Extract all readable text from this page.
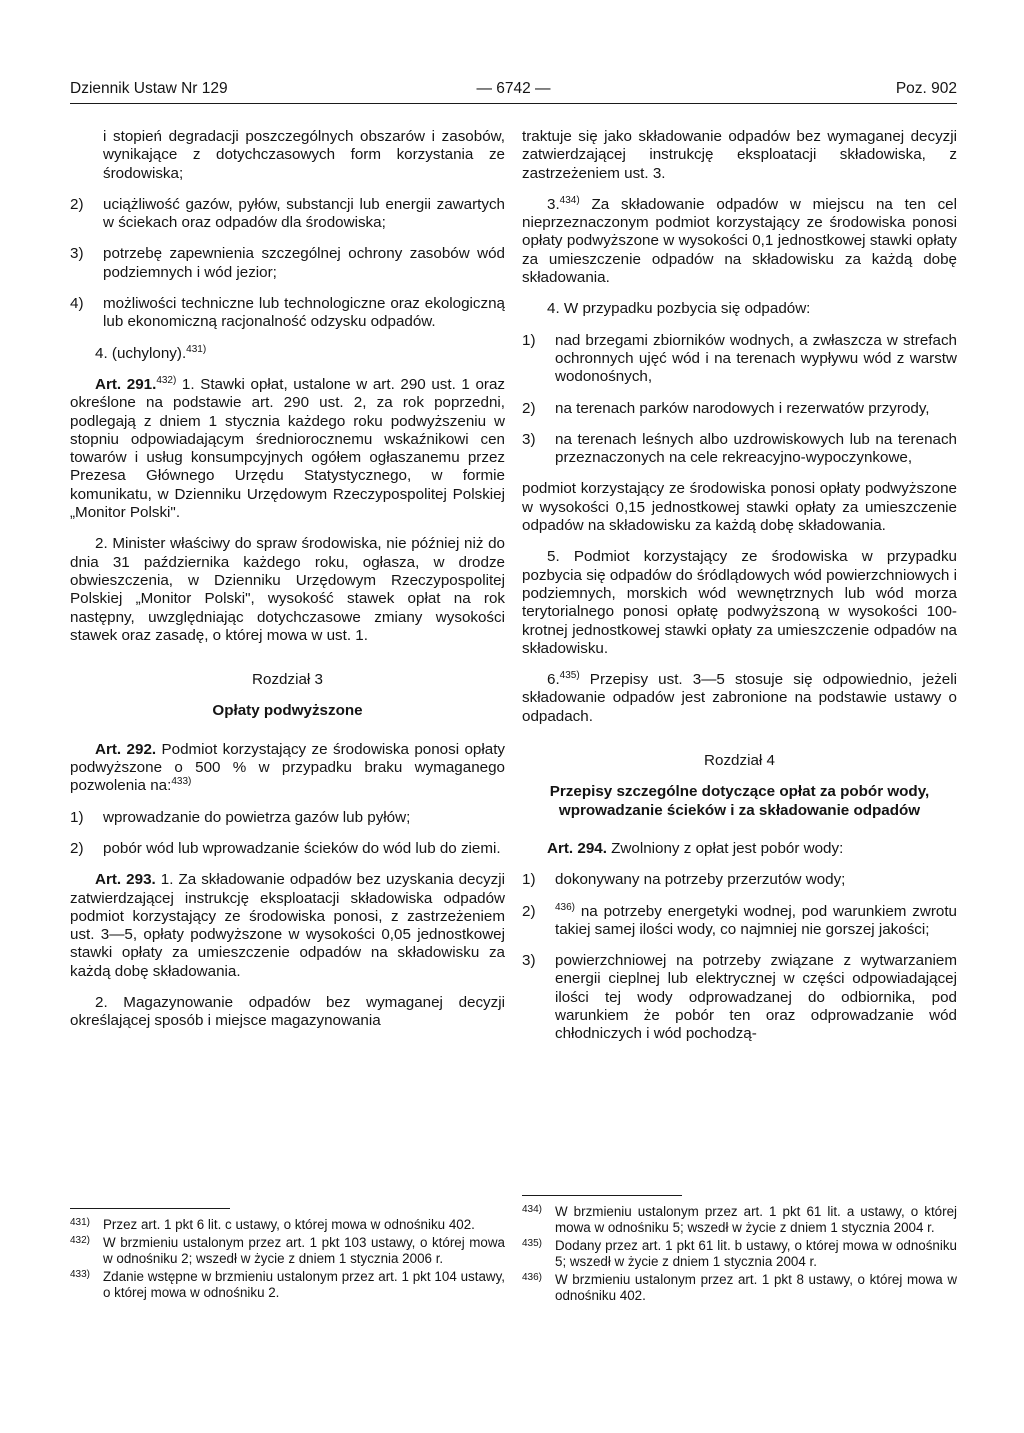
Dziennik Ustaw Nr 129	— 6742 —	Poz. 902

i stopień degradacji poszczególnych obszarów i zasobów, wynikające z dotychczasowych form korzystania ze środowiska;

2) uciążliwość gazów, pyłów, substancji lub energii zawartych w ściekach oraz odpadów dla środowiska;
3) potrzebę zapewnienia szczególnej ochrony zasobów wód podziemnych i wód jezior;
4) możliwości techniczne lub technologiczne oraz ekologiczną lub ekonomiczną racjonalność odzysku odpadów.

4. (uchylony).$^{431)}$

Art. 291.$^{432)}$ 1. Stawki opłat, ustalone w art. 290 ust. 1 oraz określone na podstawie art. 290 ust. 2, za rok poprzedni, podlegają z dniem 1 stycznia każdego roku podwyższeniu w stopniu odpowiadającym średniorocznemu wskaźnikowi cen towarów i usług konsumpcyjnych ogółem ogłaszanemu przez Prezesa Głównego Urzędu Statystycznego, w formie komunikatu, w Dzienniku Urzędowym Rzeczypospolitej Polskiej „Monitor Polski".

2. Minister właściwy do spraw środowiska, nie później niż do dnia 31 października każdego roku, ogłasza, w drodze obwieszczenia, w Dzienniku Urzędowym Rzeczypospolitej Polskiej „Monitor Polski", wysokość stawek opłat na rok następny, uwzględniając dotychczasowe zmiany wysokości stawek oraz zasadę, o której mowa w ust. 1.

Rozdział 3
Opłaty podwyższone

Art. 292. Podmiot korzystający ze środowiska ponosi opłaty podwyższone o 500 % w przypadku braku wymaganego pozwolenia na:$^{433)}$

1) wprowadzanie do powietrza gazów lub pyłów;
2) pobór wód lub wprowadzanie ścieków do wód lub do ziemi.

Art. 293. 1. Za składowanie odpadów bez uzyskania decyzji zatwierdzającej instrukcję eksploatacji składowiska odpadów podmiot korzystający ze środowiska ponosi, z zastrzeżeniem ust. 3—5, opłaty podwyższone w wysokości 0,05 jednostkowej stawki opłaty za umieszczenie odpadów na składowisku za każdą dobę składowania.

2. Magazynowanie odpadów bez wymaganej decyzji określającej sposób i miejsce magazynowania

traktuje się jako składowanie odpadów bez wymaganej decyzji zatwierdzającej instrukcję eksploatacji składowiska, z zastrzeżeniem ust. 3.

3.$^{434)}$ Za składowanie odpadów w miejscu na ten cel nieprzeznaczonym podmiot korzystający ze środowiska ponosi opłaty podwyższone w wysokości 0,1 jednostkowej stawki opłaty za umieszczenie odpadów na składowisku za każdą dobę składowania.

4. W przypadku pozbycia się odpadów:

1) nad brzegami zbiorników wodnych, a zwłaszcza w strefach ochronnych ujęć wód i na terenach wypływu wód z warstw wodonośnych,
2) na terenach parków narodowych i rezerwatów przyrody,
3) na terenach leśnych albo uzdrowiskowych lub na terenach przeznaczonych na cele rekreacyjno-wypoczynkowe,

podmiot korzystający ze środowiska ponosi opłaty podwyższone w wysokości 0,15 jednostkowej stawki opłaty za umieszczenie odpadów na składowisku za każdą dobę składowania.

5. Podmiot korzystający ze środowiska w przypadku pozbycia się odpadów do śródlądowych wód powierzchniowych i podziemnych, morskich wód wewnętrznych lub wód morza terytorialnego ponosi opłatę podwyższoną w wysokości 100-krotnej jednostkowej stawki opłaty za umieszczenie odpadów na składowisku.

6.$^{435)}$ Przepisy ust. 3—5 stosuje się odpowiednio, jeżeli składowanie odpadów jest zabronione na podstawie ustawy o odpadach.

Rozdział 4
Przepisy szczególne dotyczące opłat za pobór wody, wprowadzanie ścieków i za składowanie odpadów

Art. 294. Zwolniony z opłat jest pobór wody:

1) dokonywany na potrzeby przerzutów wody;
2) $^{436)}$ na potrzeby energetyki wodnej, pod warunkiem zwrotu takiej samej ilości wody, co najmniej nie gorszej jakości;
3) powierzchniowej na potrzeby związane z wytwarzaniem energii cieplnej lub elektrycznej w części odpowiadającej ilości tej wody odprowadzanej do odbiornika, pod warunkiem że pobór ten oraz odprowadzanie wód chłodniczych i wód pochodzą-
431) Przez art. 1 pkt 6 lit. c ustawy, o której mowa w odnośniku 402.
432) W brzmieniu ustalonym przez art. 1 pkt 103 ustawy, o której mowa w odnośniku 2; wszedł w życie z dniem 1 stycznia 2006 r.
433) Zdanie wstępne w brzmieniu ustalonym przez art. 1 pkt 104 ustawy, o której mowa w odnośniku 2.
434) W brzmieniu ustalonym przez art. 1 pkt 61 lit. a ustawy, o której mowa w odnośniku 5; wszedł w życie z dniem 1 stycznia 2004 r.
435) Dodany przez art. 1 pkt 61 lit. b ustawy, o której mowa w odnośniku 5; wszedł w życie z dniem 1 stycznia 2004 r.
436) W brzmieniu ustalonym przez art. 1 pkt 8 ustawy, o której mowa w odnośniku 402.
